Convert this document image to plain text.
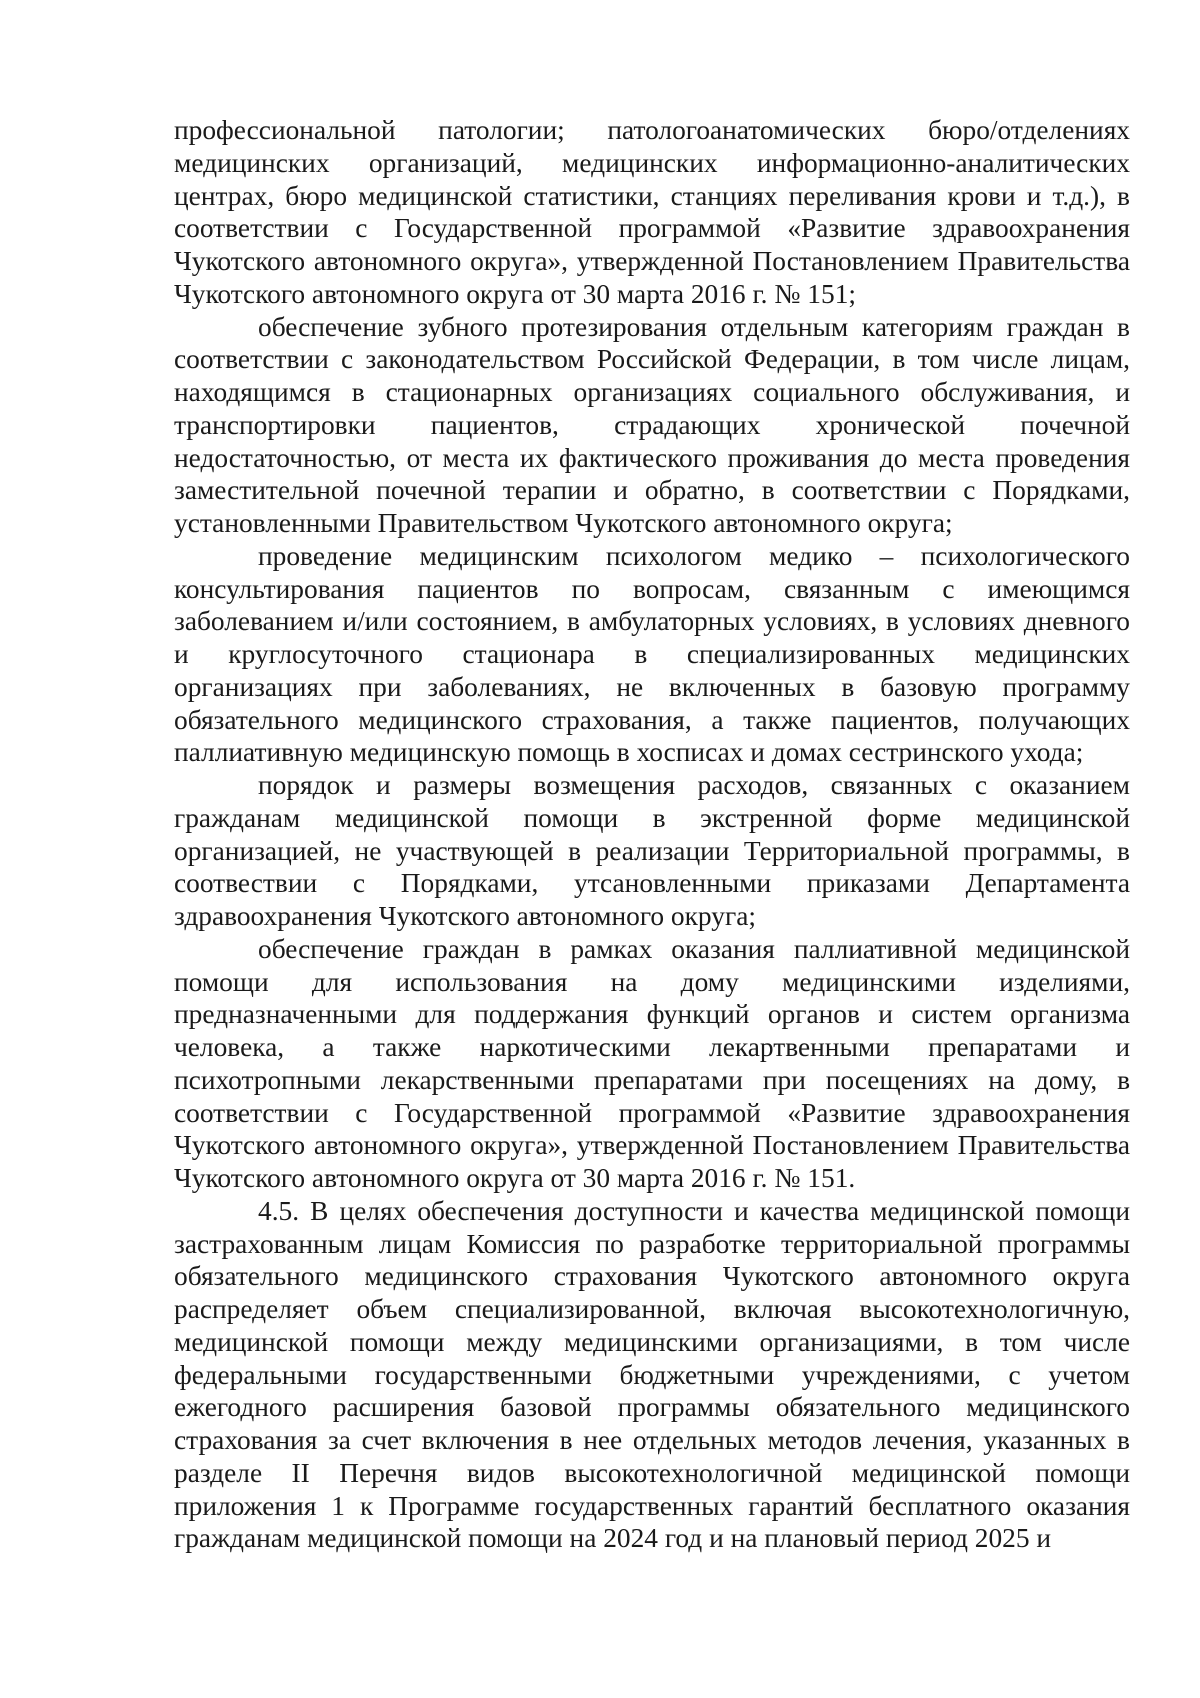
профессиональной патологии; патологоанатомических бюро/отделениях медицинских организаций, медицинских информационно-аналитических центрах, бюро медицинской статистики, станциях переливания крови и т.д.), в соответствии с Государственной программой «Развитие здравоохранения Чукотского автономного округа», утвержденной Постановлением Правительства Чукотского автономного округа от 30 марта 2016 г. № 151;

обеспечение зубного протезирования отдельным категориям граждан в соответствии с законодательством Российской Федерации, в том числе лицам, находящимся в стационарных организациях социального обслуживания, и транспортировки пациентов, страдающих хронической почечной недостаточностью, от места их фактического проживания до места проведения заместительной почечной терапии и обратно, в соответствии с Порядками, установленными Правительством Чукотского автономного округа;

проведение медицинским психологом медико – психологического консультирования пациентов по вопросам, связанным с имеющимся заболеванием и/или состоянием, в амбулаторных условиях, в условиях дневного и круглосуточного стационара в специализированных медицинских организациях при заболеваниях, не включенных в базовую программу обязательного медицинского страхования, а также пациентов, получающих паллиативную медицинскую помощь в хосписах и домах сестринского ухода;

порядок и размеры возмещения расходов, связанных с оказанием гражданам медицинской помощи в экстренной форме медицинской организацией, не участвующей в реализации Территориальной программы, в соотвествии с Порядками, утсановленными приказами Департамента здравоохранения Чукотского автономного округа;

обеспечение граждан в рамках оказания паллиативной медицинской помощи для использования на дому медицинскими изделиями, предназначенными для поддержания функций органов и систем организма человека, а также наркотическими лекартвенными препаратами и психотропными лекарственными препаратами при посещениях на дому, в соответствии с Государственной программой «Развитие здравоохранения Чукотского автономного округа», утвержденной Постановлением Правительства Чукотского автономного округа от 30 марта 2016 г. № 151.

4.5. В целях обеспечения доступности и качества медицинской помощи застрахованным лицам Комиссия по разработке территориальной программы обязательного медицинского страхования Чукотского автономного округа распределяет объем специализированной, включая высокотехнологичную, медицинской помощи между медицинскими организациями, в том числе федеральными государственными бюджетными учреждениями, с учетом ежегодного расширения базовой программы обязательного медицинского страхования за счет включения в нее отдельных методов лечения, указанных в разделе II Перечня видов высокотехнологичной медицинской помощи приложения 1 к Программе государственных гарантий бесплатного оказания гражданам медицинской помощи на 2024 год и на плановый период 2025 и
